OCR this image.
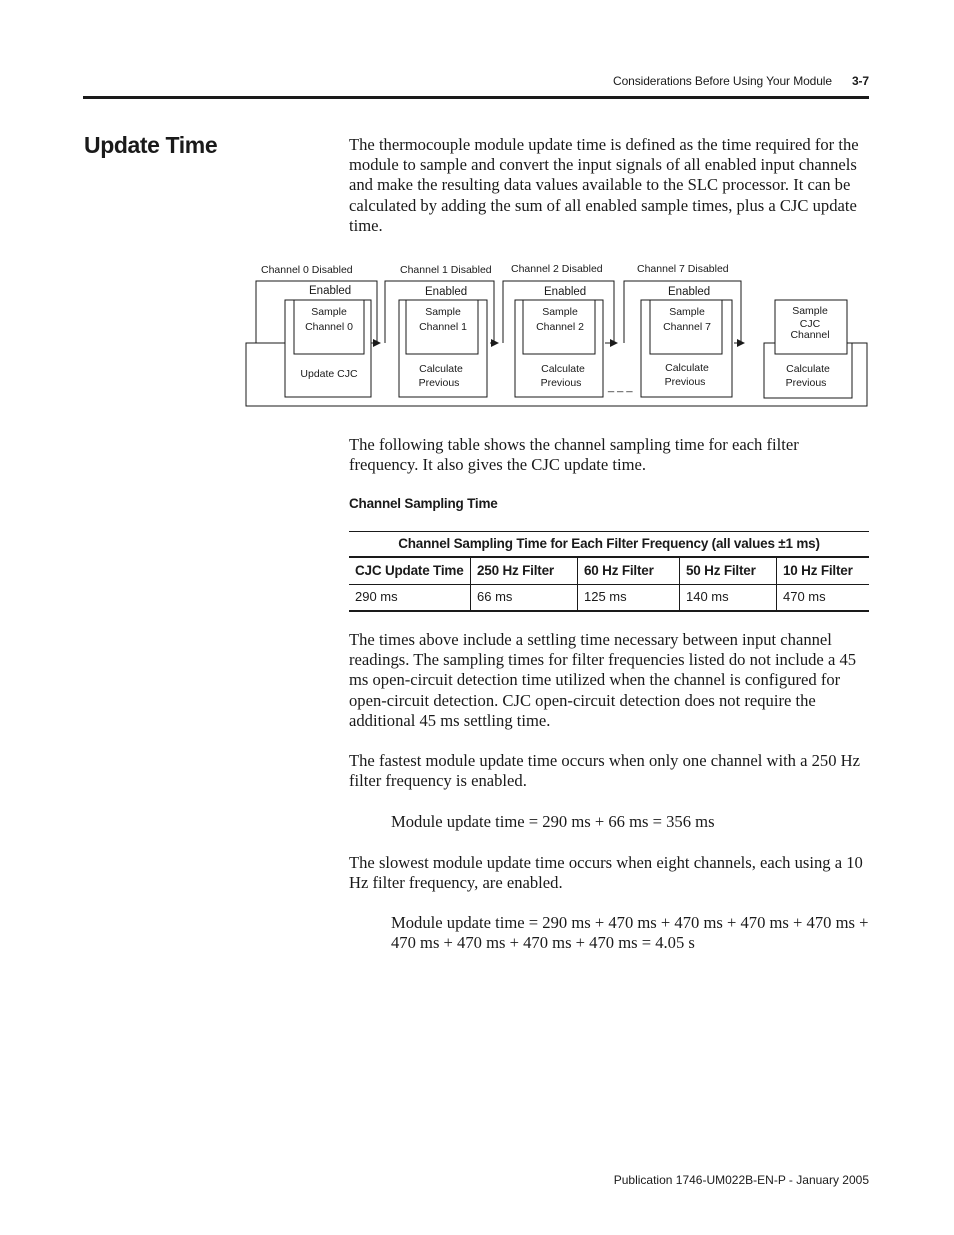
Considerations Before Using Your Module 3-7
Update Time	The thermocouple module update time is defined as the time required for the module to sample and convert the input signals of all enabled input channels and make the resulting data values available to the SLC processor. It can be calculated by adding the sum of all enabled sample times, plus a CJC update time.

Channel 0 Disabled	Channel 1 Disabled Channel 2 Disabled	Channel 7 Disabled
Enabled	Enabled	Enabled	Enabled
Sample
Channel 0
Update CJC
Sample
Channel 1
Calculate
Previous
Sample
Channel 2
Calculate
Previous
Sample
Channel 7
Calculate
Previous
Sample
CJC
Channel
Calculate
Previous
_ _ _

The following table shows the channel sampling time for each filter frequency. It also gives the CJC update time.

Channel Sampling Time
Channel Sampling Time for Each Filter Frequency (all values ±1 ms)
CJC Update Time	250 Hz Filter	60 Hz Filter	50 Hz Filter	10 Hz Filter
290 ms	66 ms	125 ms	140 ms	470 ms

The times above include a settling time necessary between input channel readings. The sampling times for filter frequencies listed do not include a 45 ms open-circuit detection time utilized when the channel is configured for open-circuit detection. CJC open-circuit detection does not require the additional 45 ms settling time.

The fastest module update time occurs when only one channel with a 250 Hz filter frequency is enabled.

Module update time = 290 ms + 66 ms = 356 ms

The slowest module update time occurs when eight channels, each using a 10 Hz filter frequency, are enabled.

Module update time = 290 ms + 470 ms + 470 ms + 470 ms + 470 ms + 470 ms + 470 ms + 470 ms + 470 ms = 4.05 s

Publication 1746-UM022B-EN-P - January 2005
